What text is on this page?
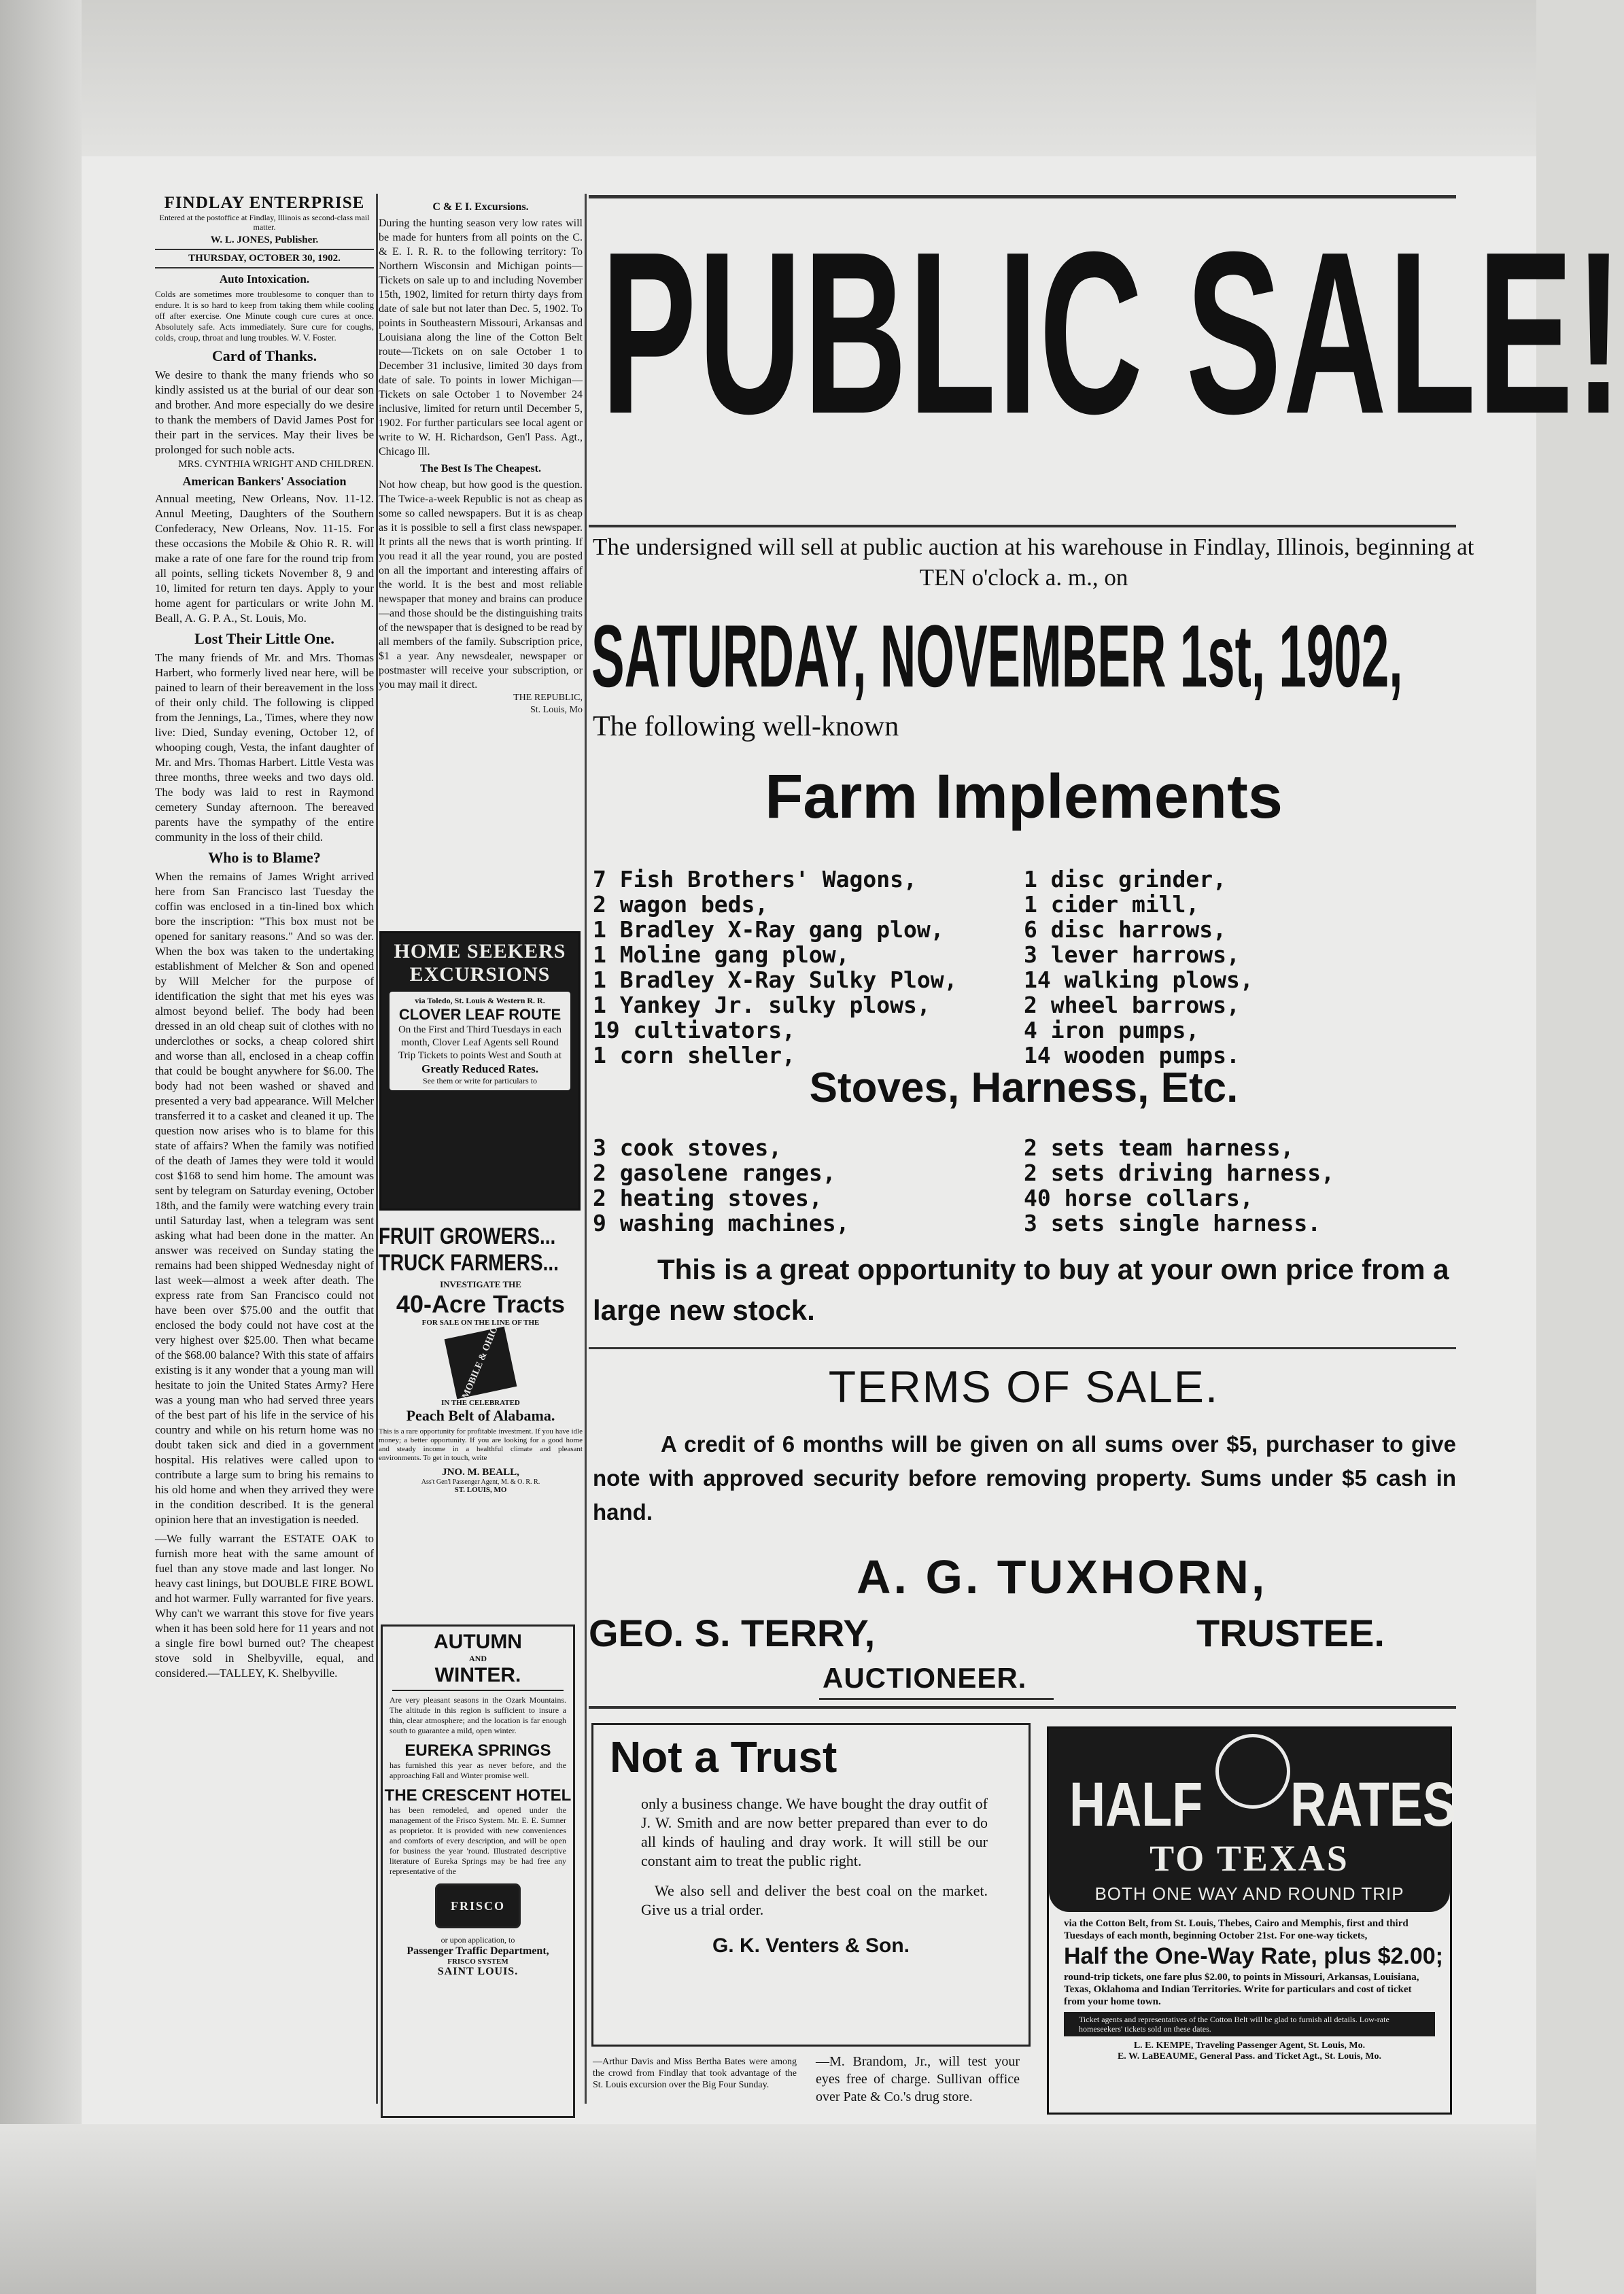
FINDLAY ENTERPRISE
Entered at the postoffice at Findlay, Illinois as second-class mail matter.
W. L. JONES, Publisher.
THURSDAY, OCTOBER 30, 1902.
Auto Intoxication.
Colds are sometimes more troublesome to conquer than to endure. It is so hard to keep from taking them while cooling off after exercise. One Minute cough cure cures at once. Absolutely safe. Acts immediately. Sure cure for coughs, colds, croup, throat and lung troubles. W. V. Foster.
Card of Thanks.
We desire to thank the many friends who so kindly assisted us at the burial of our dear son and brother. And more especially do we desire to thank the members of David James Post for their part in the services. May their lives be prolonged for such noble acts.
MRS. CYNTHIA WRIGHT AND CHILDREN.
American Bankers' Association
Annual meeting, New Orleans, Nov. 11-12. Annul Meeting, Daughters of the Southern Confederacy, New Orleans, Nov. 11-15. For these occasions the Mobile & Ohio R. R. will make a rate of one fare for the round trip from all points, selling tickets November 8, 9 and 10, limited for return ten days. Apply to your home agent for particulars or write John M. Beall, A. G. P. A., St. Louis, Mo.
Lost Their Little One.
The many friends of Mr. and Mrs. Thomas Harbert, who formerly lived near here, will be pained to learn of their bereavement in the loss of their only child. The following is clipped from the Jennings, La., Times, where they now live: Died, Sunday evening, October 12, of whooping cough, Vesta, the infant daughter of Mr. and Mrs. Thomas Harbert. Little Vesta was three months, three weeks and two days old. The body was laid to rest in Raymond cemetery Sunday afternoon. The bereaved parents have the sympathy of the entire community in the loss of their child.
Who is to Blame?
When the remains of James Wright arrived here from San Francisco last Tuesday the coffin was enclosed in a tin-lined box which bore the inscription: "This box must not be opened for sanitary reasons." And so was der. When the box was taken to the undertaking establishment of Melcher & Son and opened by Will Melcher for the purpose of identification the sight that met his eyes was almost beyond belief. The body had been dressed in an old cheap suit of clothes with no underclothes or socks, a cheap colored shirt and worse than all, enclosed in a cheap coffin that could be bought anywhere for $6.00. The body had not been washed or shaved and presented a very bad appearance. Will Melcher transferred it to a casket and cleaned it up. The question now arises who is to blame for this state of affairs? When the family was notified of the death of James they were told it would cost $168 to send him home. The amount was sent by telegram on Saturday evening, October 18th, and the family were watching every train until Saturday last, when a telegram was sent asking what had been done in the matter. An answer was received on Sunday stating the remains had been shipped Wednesday night of last week—almost a week after death. The express rate from San Francisco could not have been over $75.00 and the outfit that enclosed the body could not have cost at the very highest over $25.00. Then what became of the $68.00 balance? With this state of affairs existing is it any wonder that a young man will hesitate to join the United States Army? Here was a young man who had served three years of the best part of his life in the service of his country and while on his return home was no doubt taken sick and died in a government hospital. His relatives were called upon to contribute a large sum to bring his remains to his old home and when they arrived they were in the condition described. It is the general opinion here that an investigation is needed.
—We fully warrant the ESTATE OAK to furnish more heat with the same amount of fuel than any stove made and last longer. No heavy cast linings, but DOUBLE FIRE BOWL and hot warmer. Fully warranted for five years. Why can't we warrant this stove for five years when it has been sold here for 11 years and not a single fire bowl burned out? The cheapest stove sold in Shelbyville, equal, and considered.—TALLEY, K. Shelbyville.
C & E I. Excursions.
During the hunting season very low rates will be made for hunters from all points on the C. & E. I. R. R. to the following territory: To Northern Wisconsin and Michigan points—Tickets on sale up to and including November 15th, 1902, limited for return thirty days from date of sale but not later than Dec. 5, 1902. To points in Southeastern Missouri, Arkansas and Louisiana along the line of the Cotton Belt route—Tickets on on sale October 1 to December 31 inclusive, limited 30 days from date of sale. To points in lower Michigan—Tickets on sale October 1 to November 24 inclusive, limited for return until December 5, 1902. For further particulars see local agent or write to W. H. Richardson, Gen'l Pass. Agt., Chicago Ill.
The Best Is The Cheapest.
Not how cheap, but how good is the question. The Twice-a-week Republic is not as cheap as some so called newspapers. But it is as cheap as it is possible to sell a first class newspaper. It prints all the news that is worth printing. If you read it all the year round, you are posted on all the important and interesting affairs of the world. It is the best and most reliable newspaper that money and brains can produce—and those should be the distinguishing traits of the newspaper that is designed to be read by all members of the family. Subscription price, $1 a year. Any newsdealer, newspaper or postmaster will receive your subscription, or you may mail it direct.
THE REPUBLIC,
St. Louis, Mo
HOME SEEKERS
EXCURSIONS
via Toledo, St. Louis & Western R. R.
CLOVER LEAF ROUTE
On the First and Third Tuesdays in each month, Clover Leaf Agents sell Round Trip Tickets to points West and South at
Greatly Reduced Rates.
See them or write for particulars to
FRUIT GROWERS...
TRUCK FARMERS...
INVESTIGATE THE
40-Acre Tracts
FOR SALE ON THE LINE OF THE
MOBILE & OHIO
IN THE CELEBRATED
Peach Belt of Alabama.
This is a rare opportunity for profitable investment. If you have idle money; a better opportunity. If you are looking for a good home and steady income in a healthful climate and pleasant environments. To get in touch, write
JNO. M. BEALL,
Ass't Gen'l Passenger Agent, M. & O. R. R.
ST. LOUIS, MO
AUTUMN
AND
WINTER.
Are very pleasant seasons in the Ozark Mountains. The altitude in this region is sufficient to insure a thin, clear atmosphere; and the location is far enough south to guarantee a mild, open winter.
EUREKA SPRINGS
has furnished this year as never before, and the approaching Fall and Winter promise well.
THE CRESCENT HOTEL
has been remodeled, and opened under the management of the Frisco System. Mr. E. E. Sumner as proprietor. It is provided with new conveniences and comforts of every description, and will be open for business the year 'round. Illustrated descriptive literature of Eureka Springs may be had free any representative of the
FRISCO
or upon application, to
Passenger Traffic Department,
FRISCO SYSTEM
SAINT LOUIS.
PUBLIC SALE!
The undersigned will sell at public auction at his warehouse in Findlay, Illinois, beginning at
TEN o'clock a. m., on
SATURDAY, NOVEMBER 1st, 1902,
The following well-known
Farm Implements
7 Fish Brothers' Wagons,
2 wagon beds,
1 Bradley X-Ray gang plow,
1 Moline gang plow,
1 Bradley X-Ray Sulky Plow,
1 Yankey Jr. sulky plows,
19 cultivators,
1 corn sheller,
1 disc grinder,
1 cider mill,
6 disc harrows,
3 lever harrows,
14 walking plows,
2 wheel barrows,
4 iron pumps,
14 wooden pumps.
Stoves, Harness, Etc.
3 cook stoves,
2 gasolene ranges,
2 heating stoves,
9 washing machines,
2 sets team harness,
2 sets driving harness,
40 horse collars,
3 sets single harness.
This is a great opportunity to buy at your own price from a large new stock.
TERMS OF SALE.
A credit of 6 months will be given on all sums over $5, purchaser to give note with approved security before removing property. Sums under $5 cash in hand.
A. G. TUXHORN,
GEO. S. TERRY,	TRUSTEE.
AUCTIONEER.
Not a Trust
only a business change. We have bought the dray outfit of J. W. Smith and are now better prepared than ever to do all kinds of hauling and dray work. It will still be our constant aim to treat the public right.
We also sell and deliver the best coal on the market. Give us a trial order.
G. K. Venters & Son.
—Arthur Davis and Miss Bertha Bates were among the crowd from Findlay that took advantage of the St. Louis excursion over the Big Four Sunday.
—M. Brandom, Jr., will test your eyes free of charge. Sullivan office over Pate & Co.'s drug store.
HALF RATES
TO TEXAS
BOTH ONE WAY AND ROUND TRIP
via the Cotton Belt, from St. Louis, Thebes, Cairo and Memphis, first and third Tuesdays of each month, beginning October 21st. For one-way tickets,
Half the One-Way Rate, plus $2.00;
round-trip tickets, one fare plus $2.00, to points in Missouri, Arkansas, Louisiana, Texas, Oklahoma and Indian Territories. Write for particulars and cost of ticket from your home town.
Ticket agents and representatives of the Cotton Belt will be glad to furnish all details. Low-rate homeseekers' tickets sold on these dates.
L. E. KEMPE, Traveling Passenger Agent, St. Louis, Mo.
E. W. LaBEAUME, General Pass. and Ticket Agt., St. Louis, Mo.
